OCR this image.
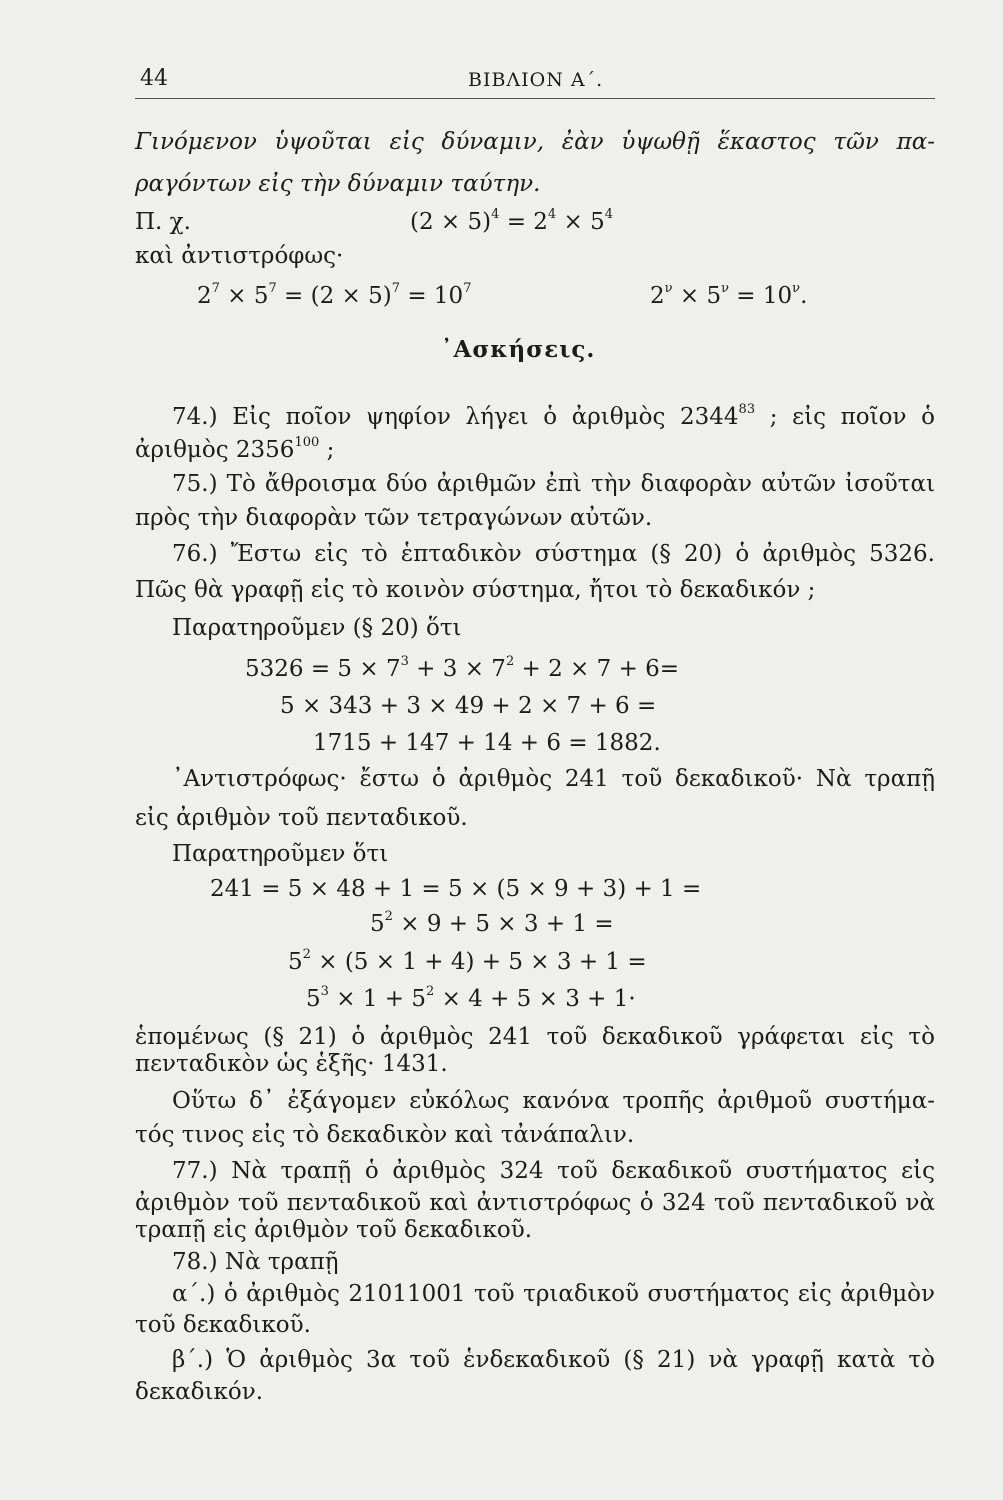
44	ΒΙΒΛΙΟΝ Α΄.
Γινόμενον ὑψοῦται εἰς δύναμιν, ἐὰν ὑψωθῇ ἕκαστος τῶν πα-
ραγόντων εἰς τὴν δύναμιν ταύτην.
Π. χ.	$(2 \times 5)^4 = 2^4 \times 5^4$
καὶ ἀντιστρόφως·
$2^7 \times 5^7 = (2 \times 5)^7 = 10^7$	$2^\nu \times 5^\nu = 10^\nu$.
᾿Ασκήσεις.
74.) Εἰς ποῖον ψηφίον λήγει ὁ ἀριθμὸς 2344$^{83}$ ; εἰς ποῖον ὁ
ἀριθμὸς 2356$^{100}$ ;
75.) Τὸ ἄθροισμα δύο ἀριθμῶν ἐπὶ τὴν διαφορὰν αὐτῶν ἰσοῦται
πρὸς τὴν διαφορὰν τῶν τετραγώνων αὐτῶν.
76.) Ἔστω εἰς τὸ ἑπταδικὸν σύστημα (§ 20) ὁ ἀριθμὸς 5326.
Πῶς θὰ γραφῇ εἰς τὸ κοινὸν σύστημα, ἤτοι τὸ δεκαδικόν ;
Παρατηροῦμεν (§ 20) ὅτι
$5326 = 5 \times 7^3 + 3 \times 7^2 + 2 \times 7 + 6=$
5 × 343 + 3 × 49 + 2 × 7 + 6 =
1715 + 147 + 14 + 6 = 1882.
᾿Αντιστρόφως· ἔστω ὁ ἀριθμὸς 241 τοῦ δεκαδικοῦ· Νὰ τραπῇ
εἰς ἀριθμὸν τοῦ πενταδικοῦ.
Παρατηροῦμεν ὅτι
241 = 5 × 48 + 1 = 5 × (5 × 9 + 3) + 1 =
$5^2 \times 9 + 5 \times 3 + 1$ =
$5^2 \times (5 \times 1 + 4) + 5 \times 3 + 1$ =
$5^3 \times 1 + 5^2 \times 4 + 5 \times 3 + 1\cdot$
ἑπομένως (§ 21) ὁ ἀριθμὸς 241 τοῦ δεκαδικοῦ γράφεται εἰς τὸ
πενταδικὸν ὡς ἑξῆς· 1431.
Οὕτω δ᾿ ἐξάγομεν εὐκόλως κανόνα τροπῆς ἀριθμοῦ συστήμα-
τός τινος εἰς τὸ δεκαδικὸν καὶ τἀνάπαλιν.
77.) Νὰ τραπῇ ὁ ἀριθμὸς 324 τοῦ δεκαδικοῦ συστήματος εἰς
ἀριθμὸν τοῦ πενταδικοῦ καὶ ἀντιστρόφως ὁ 324 τοῦ πενταδικοῦ νὰ
τραπῇ εἰς ἀριθμὸν τοῦ δεκαδικοῦ.
78.) Νὰ τραπῇ
α΄.) ὁ ἀριθμὸς 21011001 τοῦ τριαδικοῦ συστήματος εἰς ἀριθμὸν
τοῦ δεκαδικοῦ.
β΄.) Ὁ ἀριθμὸς 3α τοῦ ἑνδεκαδικοῦ (§ 21) νὰ γραφῇ κατὰ τὸ
δεκαδικόν.
